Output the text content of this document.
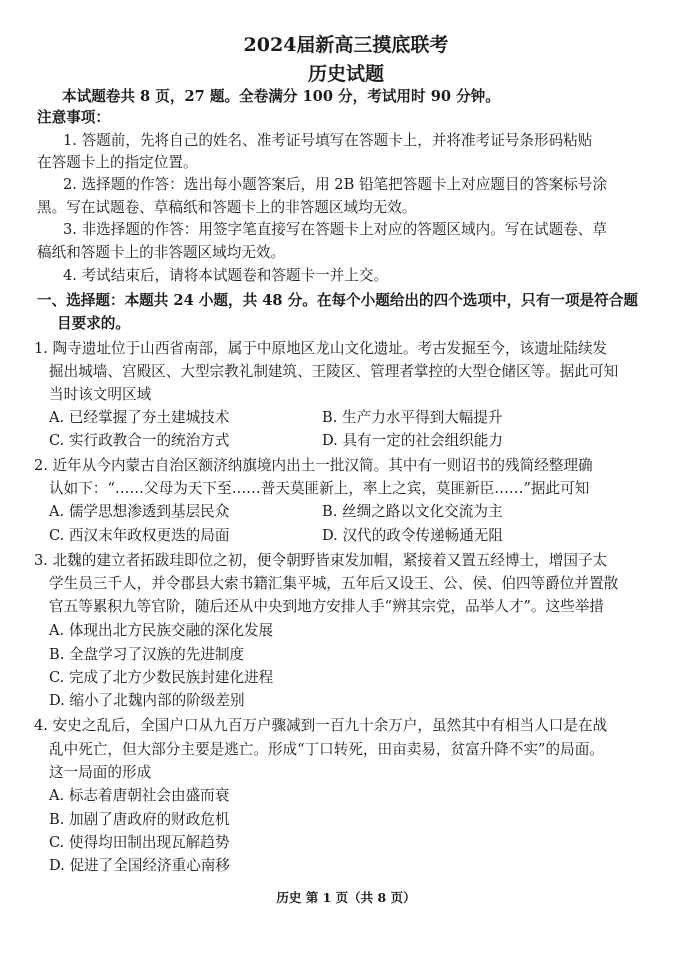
2024届新高三摸底联考
历史试题
本试题卷共 8 页，27 题。全卷满分 100 分，考试用时 90 分钟。
注意事项：
1. 答题前，先将自己的姓名、准考证号填写在答题卡上，并将准考证号条形码粘贴
在答题卡上的指定位置。
2. 选择题的作答：选出每小题答案后，用 2B 铅笔把答题卡上对应题目的答案标号涂
黑。写在试题卷、草稿纸和答题卡上的非答题区域均无效。
3. 非选择题的作答：用签字笔直接写在答题卡上对应的答题区域内。写在试题卷、草
稿纸和答题卡上的非答题区域均无效。
4. 考试结束后，请将本试题卷和答题卡一并上交。
一、选择题：本题共 24 小题，共 48 分。在每个小题给出的四个选项中，只有一项是符合题
目要求的。
1. 陶寺遗址位于山西省南部，属于中原地区龙山文化遗址。考古发掘至今，该遗址陆续发
掘出城墙、宫殿区、大型宗教礼制建筑、王陵区、管理者掌控的大型仓储区等。据此可知
当时该文明区域
A. 已经掌握了夯土建城技术	B. 生产力水平得到大幅提升
C. 实行政教合一的统治方式	D. 具有一定的社会组织能力
2. 近年从今内蒙古自治区额济纳旗境内出土一批汉简。其中有一则诏书的残简经整理确
认如下：“……父母为天下至……普天莫匪新上，率上之宾，莫匪新臣……”据此可知
A. 儒学思想渗透到基层民众	B. 丝绸之路以文化交流为主
C. 西汉末年政权更迭的局面	D. 汉代的政令传递畅通无阻
3. 北魏的建立者拓跋珪即位之初，便令朝野皆束发加帽，紧接着又置五经博士，增国子太
学生员三千人，并令郡县大索书籍汇集平城，五年后又设王、公、侯、伯四等爵位并置散
官五等累积九等官阶，随后还从中央到地方安排人手“辨其宗党，品举人才”。这些举措
A. 体现出北方民族交融的深化发展
B. 全盘学习了汉族的先进制度
C. 完成了北方少数民族封建化进程
D. 缩小了北魏内部的阶级差别
4. 安史之乱后，全国户口从九百万户骤减到一百九十余万户，虽然其中有相当人口是在战
乱中死亡，但大部分主要是逃亡。形成“丁口转死，田亩卖易，贫富升降不实”的局面。
这一局面的形成
A. 标志着唐朝社会由盛而衰
B. 加剧了唐政府的财政危机
C. 使得均田制出现瓦解趋势
D. 促进了全国经济重心南移
历史 第 1 页（共 8 页）
